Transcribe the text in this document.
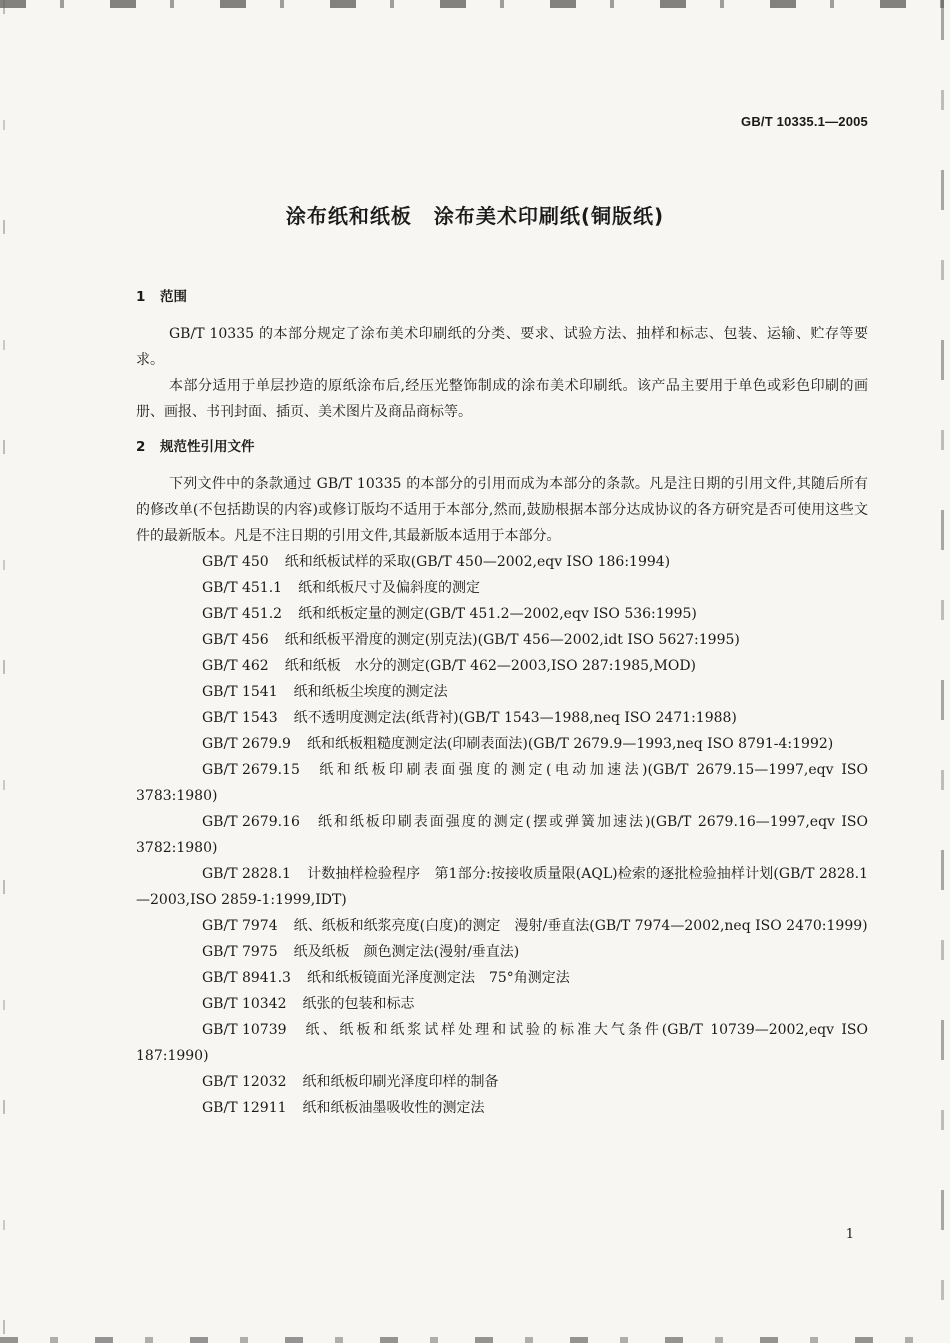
GB/T 10335.1—2005
涂布纸和纸板 涂布美术印刷纸(铜版纸)
1 范围

GB/T 10335 的本部分规定了涂布美术印刷纸的分类、要求、试验方法、抽样和标志、包装、运输、贮存等要求。

本部分适用于单层抄造的原纸涂布后,经压光整饰制成的涂布美术印刷纸。该产品主要用于单色或彩色印刷的画册、画报、书刊封面、插页、美术图片及商品商标等。

2 规范性引用文件

下列文件中的条款通过 GB/T 10335 的本部分的引用而成为本部分的条款。凡是注日期的引用文件,其随后所有的修改单(不包括勘误的内容)或修订版均不适用于本部分,然而,鼓励根据本部分达成协议的各方研究是否可使用这些文件的最新版本。凡是不注日期的引用文件,其最新版本适用于本部分。

GB/T 450 纸和纸板试样的采取(GB/T 450—2002,eqv ISO 186:1994)

GB/T 451.1 纸和纸板尺寸及偏斜度的测定

GB/T 451.2 纸和纸板定量的测定(GB/T 451.2—2002,eqv ISO 536:1995)

GB/T 456 纸和纸板平滑度的测定(别克法)(GB/T 456—2002,idt ISO 5627:1995)

GB/T 462 纸和纸板　水分的测定(GB/T 462—2003,ISO 287:1985,MOD)

GB/T 1541 纸和纸板尘埃度的测定法

GB/T 1543 纸不透明度测定法(纸背衬)(GB/T 1543—1988,neq ISO 2471:1988)

GB/T 2679.9 纸和纸板粗糙度测定法(印刷表面法)(GB/T 2679.9—1993,neq ISO 8791-4:1992)

GB/T 2679.15 纸和纸板印刷表面强度的测定(电动加速法)(GB/T 2679.15—1997,eqv ISO 3783:1980)

GB/T 2679.16 纸和纸板印刷表面强度的测定(摆或弹簧加速法)(GB/T 2679.16—1997,eqv ISO 3782:1980)

GB/T 2828.1 计数抽样检验程序　第1部分:按接收质量限(AQL)检索的逐批检验抽样计划(GB/T 2828.1—2003,ISO 2859-1:1999,IDT)

GB/T 7974 纸、纸板和纸浆亮度(白度)的测定　漫射/垂直法(GB/T 7974—2002,neq ISO 2470:1999)

GB/T 7975 纸及纸板　颜色测定法(漫射/垂直法)

GB/T 8941.3 纸和纸板镜面光泽度测定法　75°角测定法

GB/T 10342 纸张的包装和标志

GB/T 10739 纸、纸板和纸浆试样处理和试验的标准大气条件(GB/T 10739—2002,eqv ISO 187:1990)

GB/T 12032 纸和纸板印刷光泽度印样的制备

GB/T 12911 纸和纸板油墨吸收性的测定法

1
